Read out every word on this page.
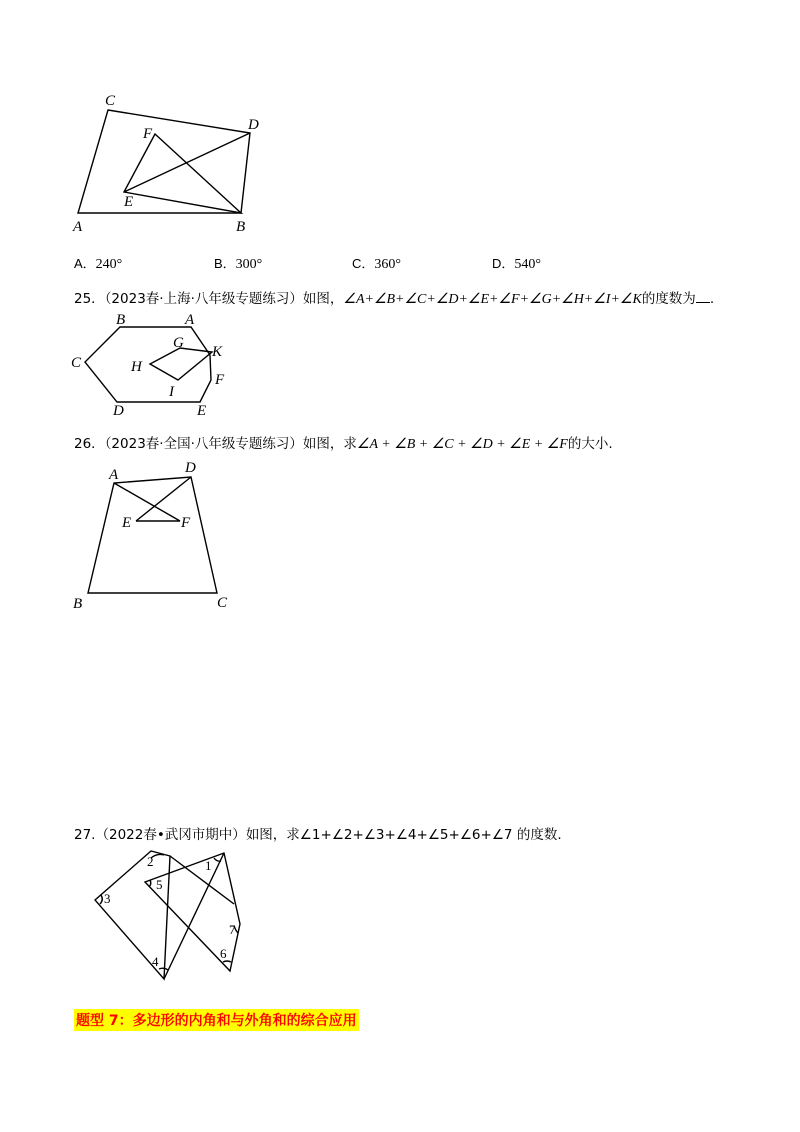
C
D
F
E
A	B
A．240°	B．300°	C．360°	D．540°
25．（2023春·上海·八年级专题练习）如图，∠A+∠B+∠C+∠D+∠E+∠F+∠G+∠H+∠I+∠K的度数为 .
B	A
C
G
K
H
F
I
D	E
26．（2023春·全国·八年级专题练习）如图，求∠A + ∠B + ∠C + ∠D + ∠E + ∠F的大小.
A	D
E	F
B	C
27.（2022春•武冈市期中）如图，求∠1+∠2+∠3+∠4+∠5+∠6+∠7 的度数.
2	1
5
3
7
6
4
题型 7：多边形的内角和与外角和的综合应用
